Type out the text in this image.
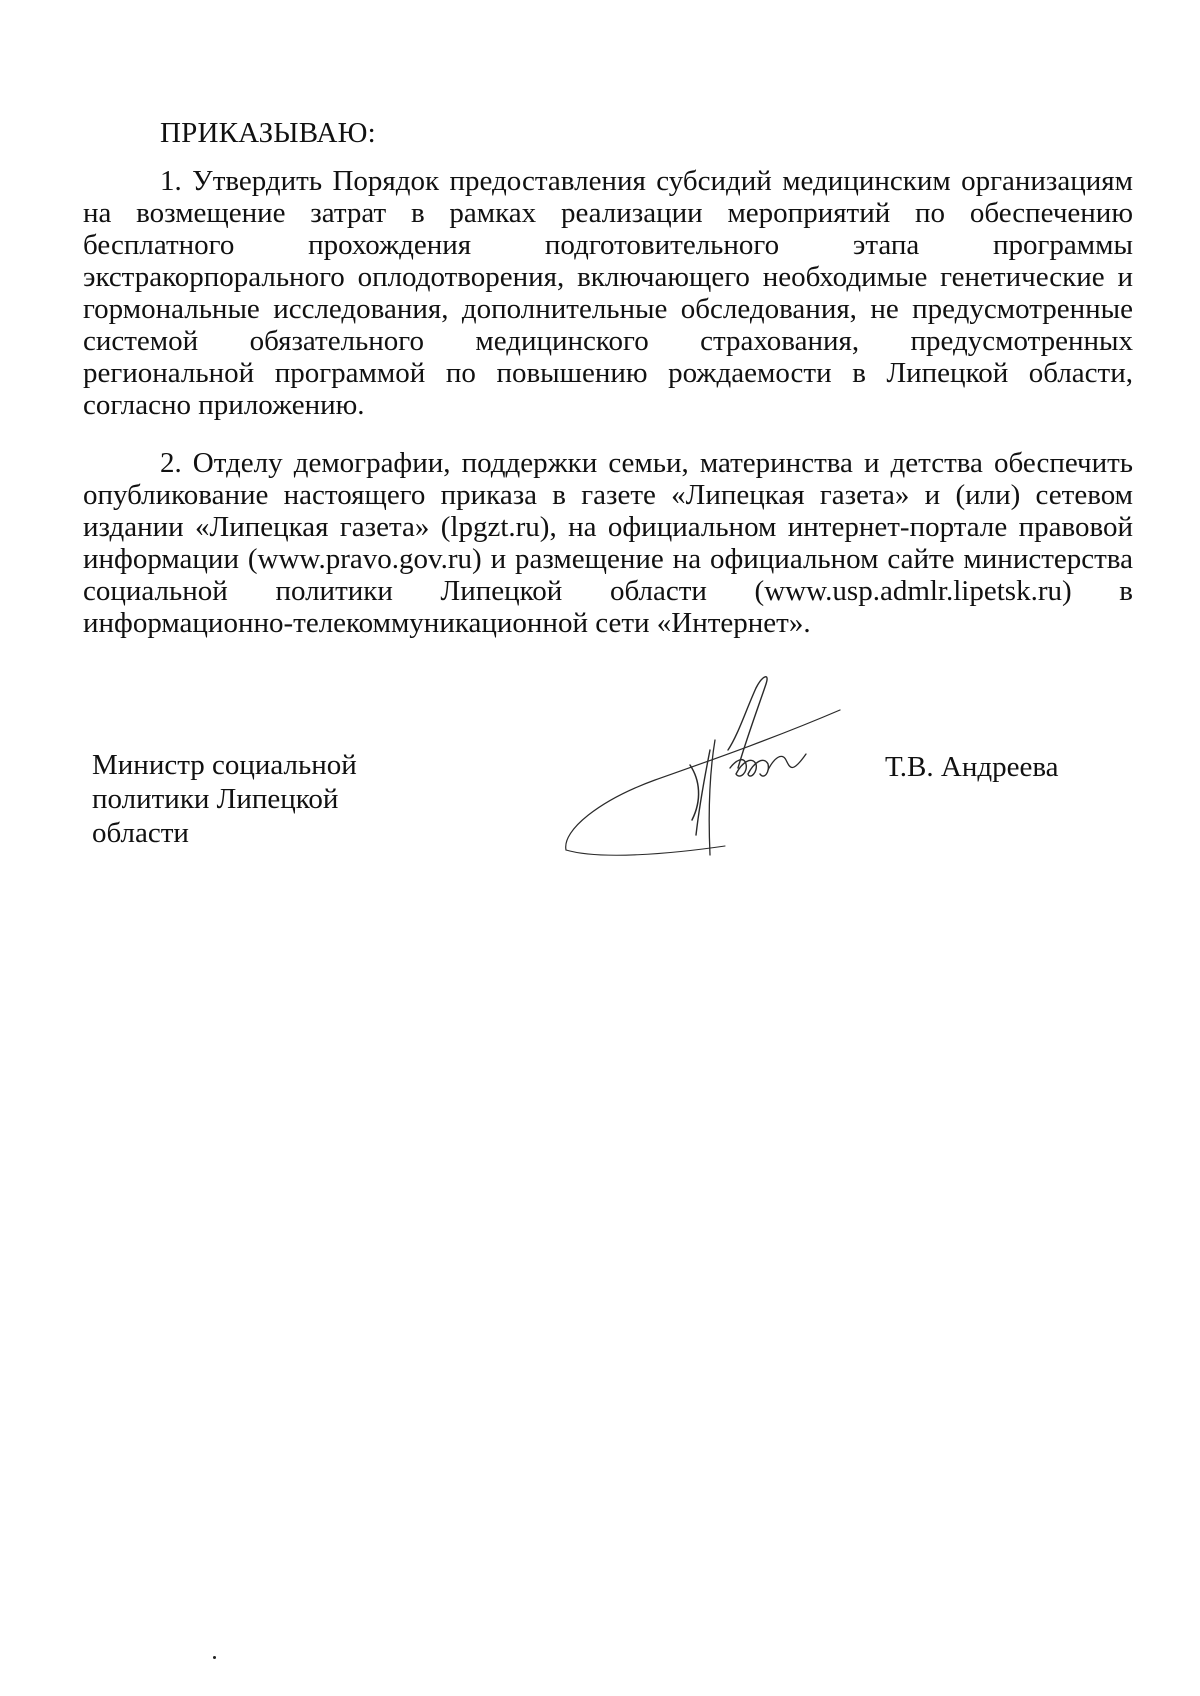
ПРИКАЗЫВАЮ:

1. Утвердить Порядок предоставления субсидий медицинским организациям на возмещение затрат в рамках реализации мероприятий по обеспечению бесплатного прохождения подготовительного этапа программы экстракорпорального оплодотворения, включающего необходимые генетические и гормональные исследования, дополнительные обследования, не предусмотренные системой обязательного медицинского страхования, предусмотренных региональной программой по повышению рождаемости в Липецкой области, согласно приложению.

2. Отделу демографии, поддержки семьи, материнства и детства обеспечить опубликование настоящего приказа в газете «Липецкая газета» и (или) сетевом издании «Липецкая газета» (lpgzt.ru), на официальном интернет-портале правовой информации (www.pravo.gov.ru) и размещение на официальном сайте министерства социальной политики Липецкой области (www.usp.admlr.lipetsk.ru) в информационно-телекоммуникационной сети «Интернет».

Министр социальной
политики Липецкой
области
Т.В. Андреева
